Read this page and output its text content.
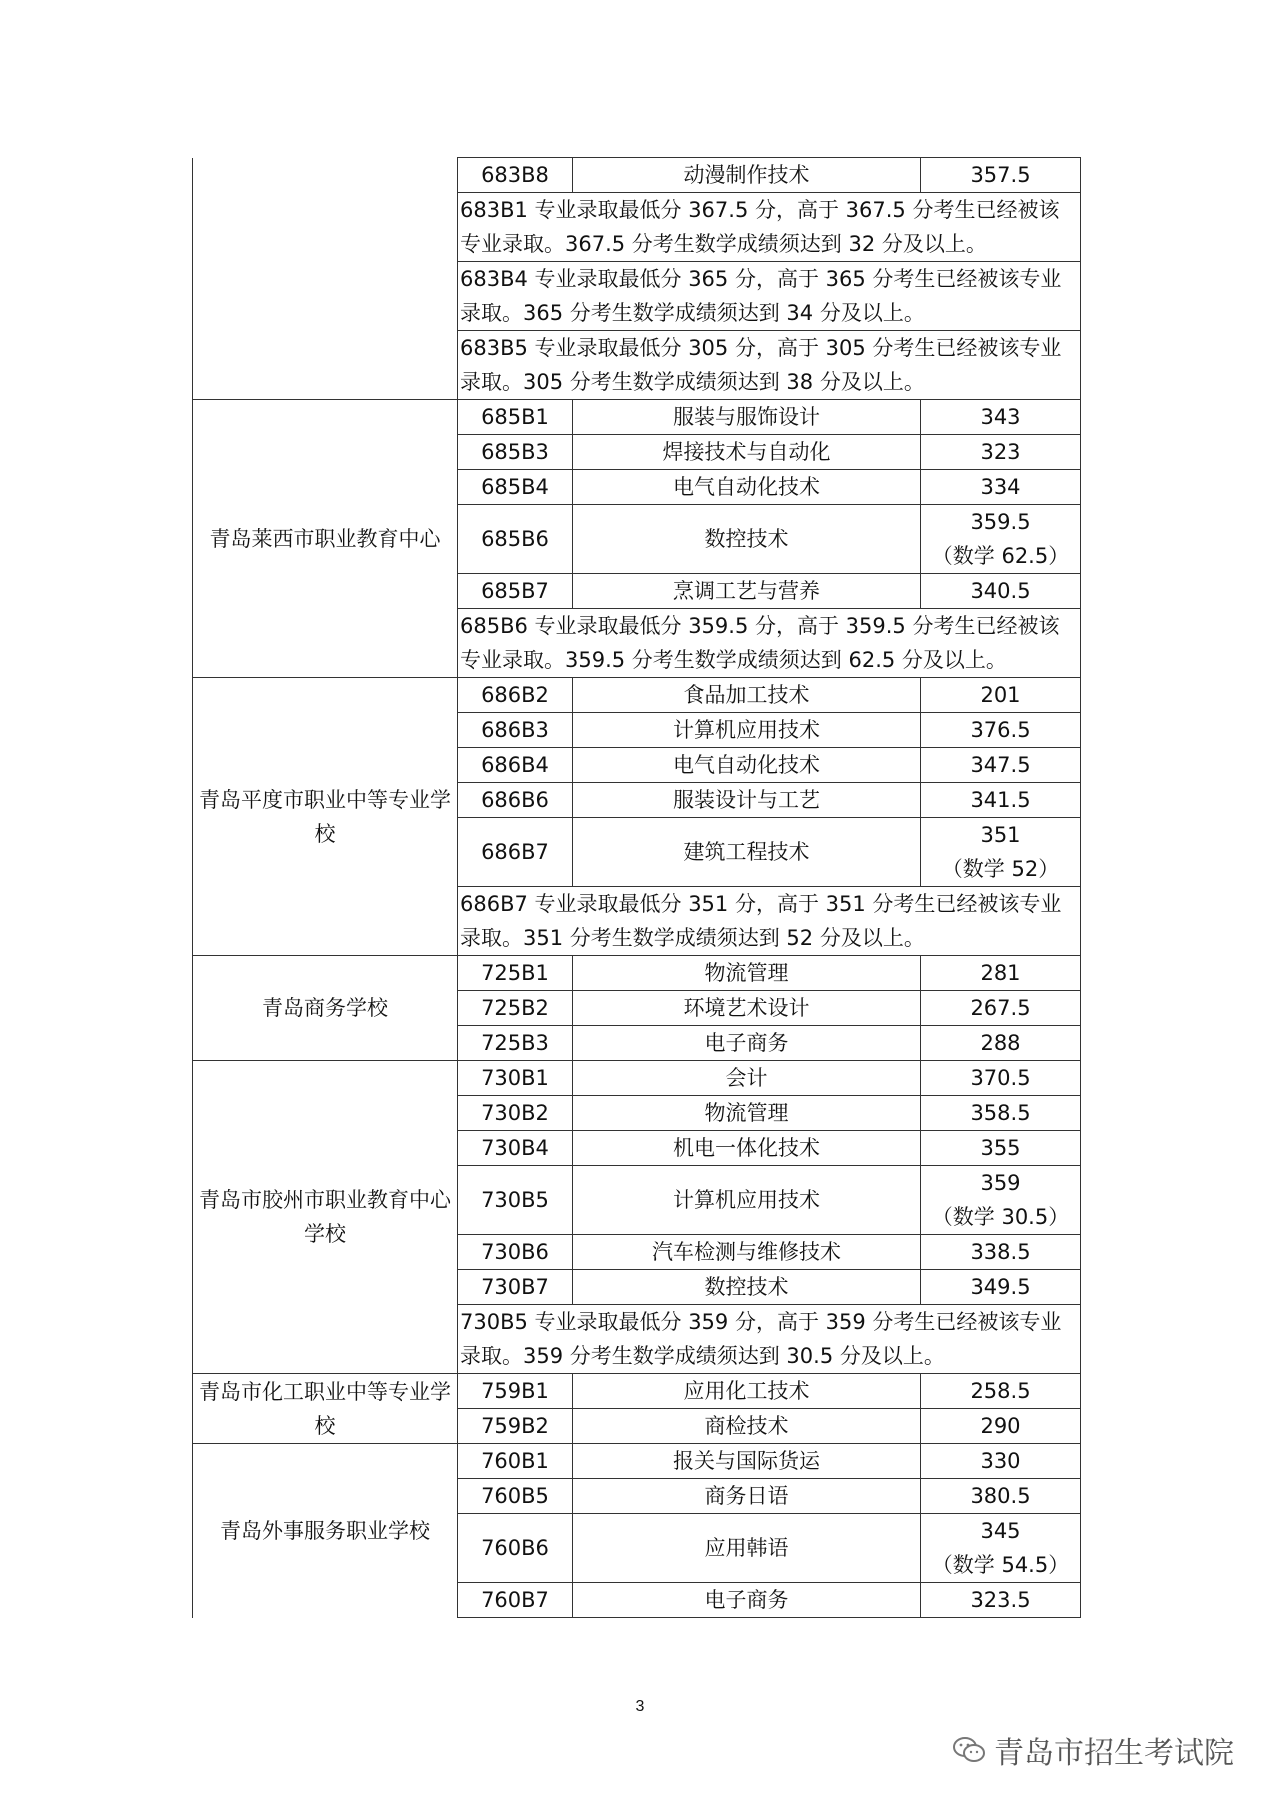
	683B8	动漫制作技术	357.5

	683B1 专业录取最低分 367.5 分，高于 367.5 分考生已经被该专业录取。367.5 分考生数学成绩须达到 32 分及以上。		
	683B4 专业录取最低分 365 分，高于 365 分考生已经被该专业录取。365 分考生数学成绩须达到 34 分及以上。		
	683B5 专业录取最低分 305 分，高于 305 分考生已经被该专业录取。305 分考生数学成绩须达到 38 分及以上。		
青岛莱西市职业教育中心	685B1	服装与服饰设计	343

	685B3	焊接技术与自动化	323

	685B4	电气自动化技术	334

	685B6	数控技术	359.5
（数学 62.5）

	685B7	烹调工艺与营养	340.5

	685B6 专业录取最低分 359.5 分，高于 359.5 分考生已经被该专业录取。359.5 分考生数学成绩须达到 62.5 分及以上。		
青岛平度市职业中等专业学校	686B2	食品加工技术	201

	686B3	计算机应用技术	376.5

	686B4	电气自动化技术	347.5

	686B6	服装设计与工艺	341.5

	686B7	建筑工程技术	351
（数学 52）

	686B7 专业录取最低分 351 分，高于 351 分考生已经被该专业录取。351 分考生数学成绩须达到 52 分及以上。		
青岛商务学校	725B1	物流管理	281

	725B2	环境艺术设计	267.5

	725B3	电子商务	288

青岛市胶州市职业教育中心学校	730B1	会计	370.5

	730B2	物流管理	358.5

	730B4	机电一体化技术	355

	730B5	计算机应用技术	359
（数学 30.5）

	730B6	汽车检测与维修技术	338.5

	730B7	数控技术	349.5

	730B5 专业录取最低分 359 分，高于 359 分考生已经被该专业录取。359 分考生数学成绩须达到 30.5 分及以上。		
青岛市化工职业中等专业学校	759B1	应用化工技术	258.5

	759B2	商检技术	290

青岛外事服务职业学校	760B1	报关与国际货运	330

	760B5	商务日语	380.5

	760B6	应用韩语	345
（数学 54.5）

	760B7	电子商务	323.5
3
青岛市招生考试院
